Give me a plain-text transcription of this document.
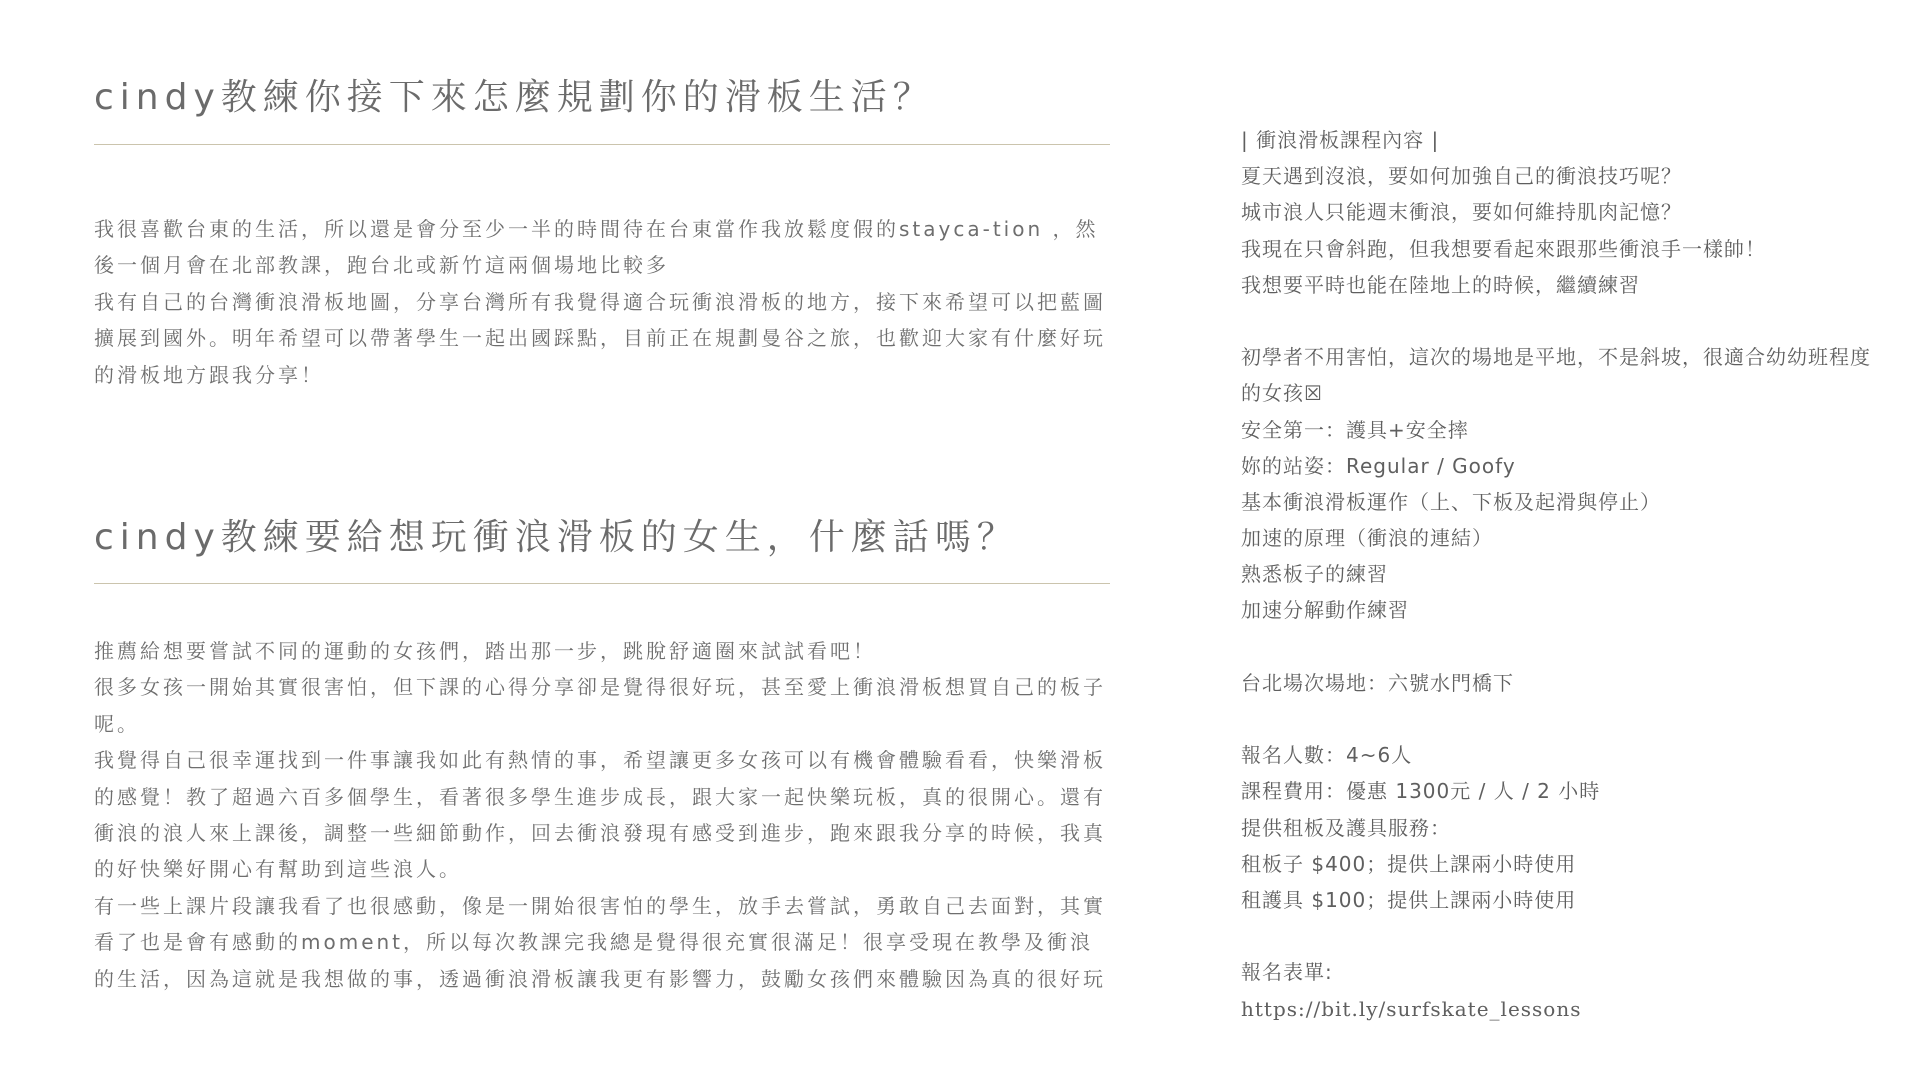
cindy教練你接下來怎麼規劃你的滑板生活？

我很喜歡台東的生活，所以還是會分至少一半的時間待在台東當作我放鬆度假的stayca-tion ，然後一個月會在北部教課，跑台北或新竹這兩個場地比較多

我有自己的台灣衝浪滑板地圖，分享台灣所有我覺得適合玩衝浪滑板的地方，接下來希望可以把藍圖擴展到國外。明年希望可以帶著學生一起出國踩點，目前正在規劃曼谷之旅，也歡迎大家有什麼好玩的滑板地方跟我分享！

cindy教練要給想玩衝浪滑板的女生，什麼話嗎？

推薦給想要嘗試不同的運動的女孩們，踏出那一步，跳脫舒適圈來試試看吧！

很多女孩一開始其實很害怕，但下課的心得分享卻是覺得很好玩，甚至愛上衝浪滑板想買自己的板子呢。

我覺得自己很幸運找到一件事讓我如此有熱情的事，希望讓更多女孩可以有機會體驗看看，快樂滑板的感覺！教了超過六百多個學生，看著很多學生進步成長，跟大家一起快樂玩板，真的很開心。還有衝浪的浪人來上課後，調整一些細節動作，回去衝浪發現有感受到進步，跑來跟我分享的時候，我真的好快樂好開心有幫助到這些浪人。

有一些上課片段讓我看了也很感動，像是一開始很害怕的學生，放手去嘗試，勇敢自己去面對，其實看了也是會有感動的moment，所以每次教課完我總是覺得很充實很滿足！很享受現在教學及衝浪的生活，因為這就是我想做的事，透過衝浪滑板讓我更有影響力，鼓勵女孩們來體驗因為真的很好玩

| 衝浪滑板課程內容 |
夏天遇到沒浪，要如何加強自己的衝浪技巧呢？
城市浪人只能週末衝浪，要如何維持肌肉記憶？
我現在只會斜跑，但我想要看起來跟那些衝浪手一樣帥！
我想要平時也能在陸地上的時候，繼續練習
初學者不用害怕，這次的場地是平地，不是斜坡，很適合幼幼班程度的女孩☒
安全第一：護具+安全摔
妳的站姿：Regular / Goofy
基本衝浪滑板運作（上、下板及起滑與停止）
加速的原理（衝浪的連結）
熟悉板子的練習
加速分解動作練習
台北場次場地：六號水門橋下
報名人數：4~6人
課程費用：優惠 1300元 / 人 / 2 小時
提供租板及護具服務：
租板子 $400；提供上課兩小時使用
租護具 $100；提供上課兩小時使用
報名表單:
https://bit.ly/surfskate_lessons
